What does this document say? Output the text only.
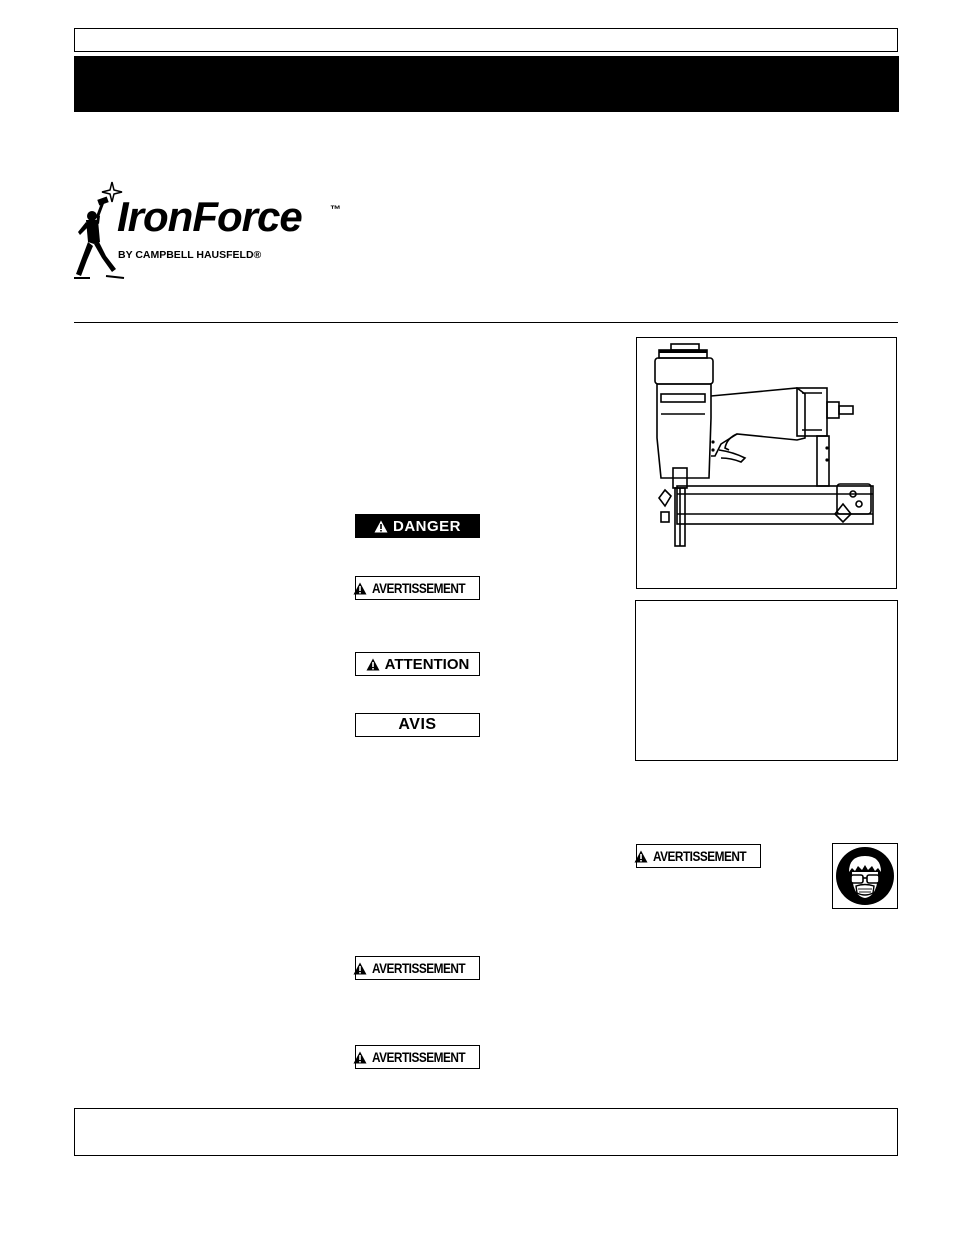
IronForce	™
BY CAMPBELL HAUSFELD®
DANGER
AVERTISSEMENT
ATTENTION
AVIS
AVERTISSEMENT
AVERTISSEMENT
AVERTISSEMENT
